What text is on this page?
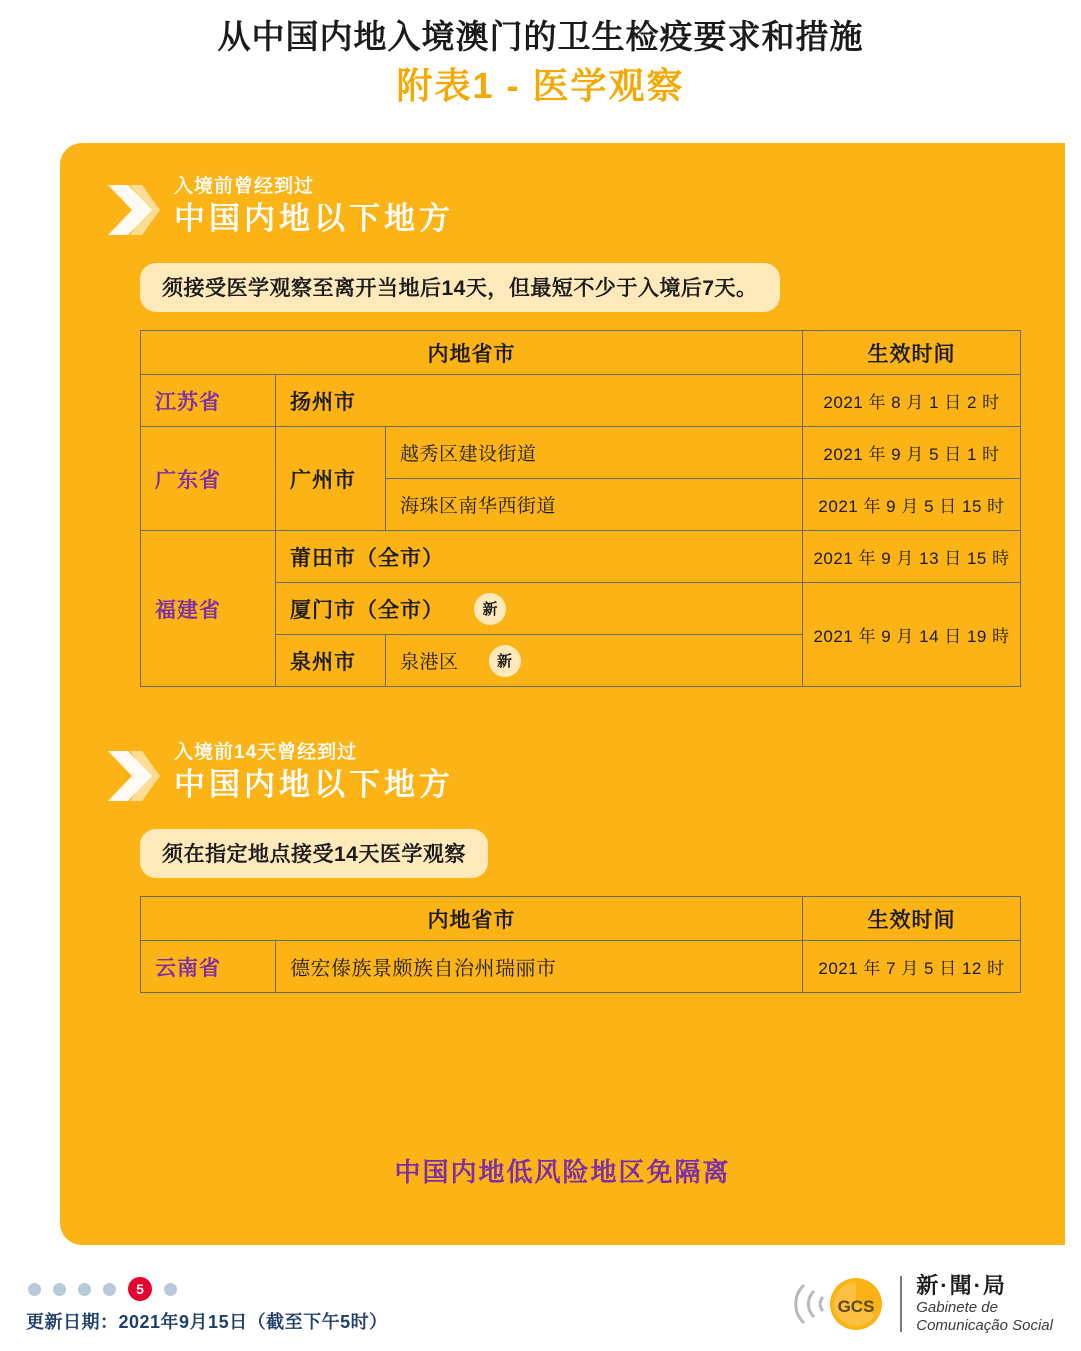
从中国内地入境澳门的卫生检疫要求和措施
附表1 - 医学观察
入境前曾经到过
中国内地以下地方
须接受医学观察至离开当地后14天，但最短不少于入境后7天。
内地省市			生效时间
江苏省	扬州市		2021 年 8 月 1 日 2 时
广东省	广州市	越秀区建设街道	2021 年 9 月 5 日 1 时
		海珠区南华西街道	2021 年 9 月 5 日 15 时
福建省	莆田市（全市）		2021 年 9 月 13 日 15 時

	厦门市（全市） 新		2021 年 9 月 14 日 19 時
	泉州市	泉港区 新	
入境前14天曾经到过
中国内地以下地方
须在指定地点接受14天医学观察
内地省市		生效时间
云南省	德宏傣族景颇族自治州瑞丽市	2021 年 7 月 5 日 12 时
中国内地低风险地区免隔离
5
更新日期：2021年9月15日（截至下午5时）
GCS
新·聞·局
Gabinete de
Comunicação Social
